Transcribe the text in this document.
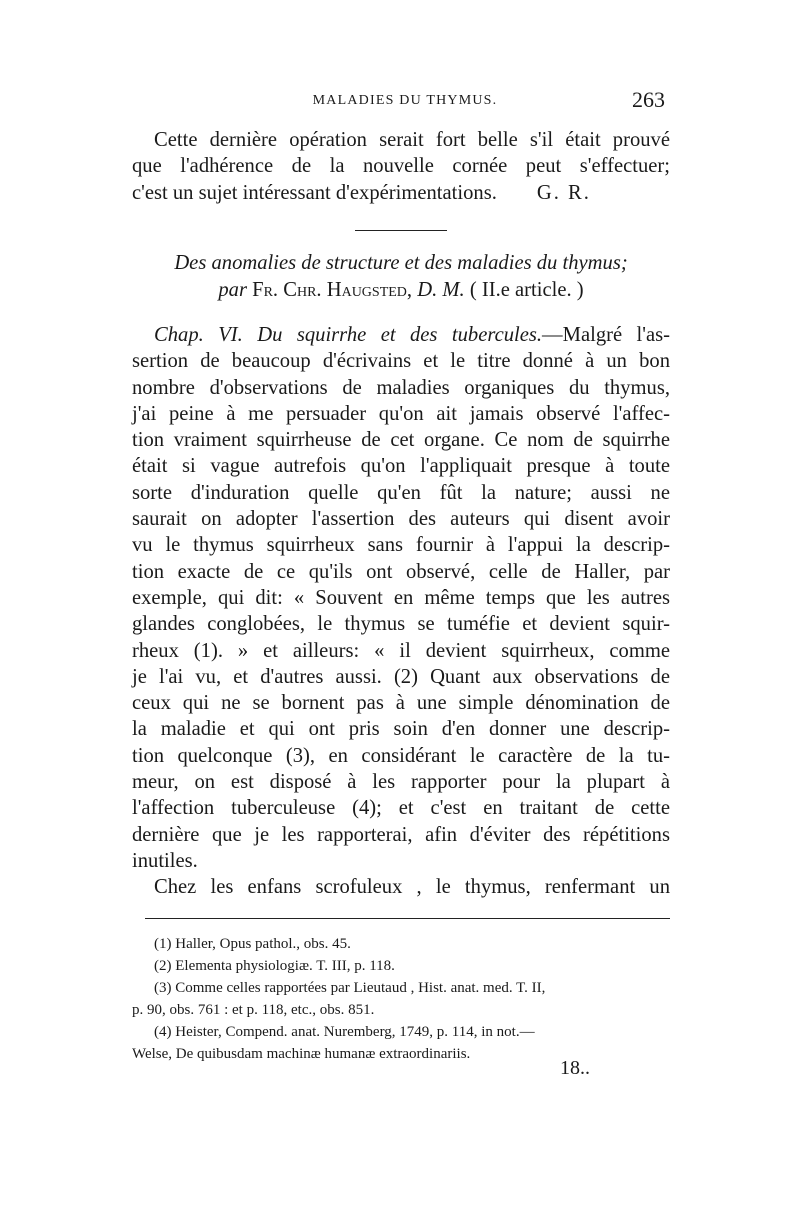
MALADIES DU THYMUS.	263
Cette dernière opération serait fort belle s'il était prouvé
que l'adhérence de la nouvelle cornée peut s'effectuer;
c'est un sujet intéressant d'expérimentations. G. R.
Des anomalies de structure et des maladies du thymus;
par Fr. Chr. Haugsted, D. M. ( II.e article. )
Chap. VI. Du squirrhe et des tubercules.—Malgré l'as-
sertion de beaucoup d'écrivains et le titre donné à un bon
nombre d'observations de maladies organiques du thymus,
j'ai peine à me persuader qu'on ait jamais observé l'affec-
tion vraiment squirrheuse de cet organe. Ce nom de squirrhe
était si vague autrefois qu'on l'appliquait presque à toute
sorte d'induration quelle qu'en fût la nature; aussi ne
saurait on adopter l'assertion des auteurs qui disent avoir
vu le thymus squirrheux sans fournir à l'appui la descrip-
tion exacte de ce qu'ils ont observé, celle de Haller, par
exemple, qui dit: « Souvent en même temps que les autres
glandes conglobées, le thymus se tuméfie et devient squir-
rheux (1). » et ailleurs: « il devient squirrheux, comme
je l'ai vu, et d'autres aussi. (2) Quant aux observations de
ceux qui ne se bornent pas à une simple dénomination de
la maladie et qui ont pris soin d'en donner une descrip-
tion quelconque (3), en considérant le caractère de la tu-
meur, on est disposé à les rapporter pour la plupart à
l'affection tuberculeuse (4); et c'est en traitant de cette
dernière que je les rapporterai, afin d'éviter des répétitions
inutiles.
Chez les enfans scrofuleux , le thymus, renfermant un
(1) Haller, Opus pathol., obs. 45.
(2) Elementa physiologiæ. T. III, p. 118.
(3) Comme celles rapportées par Lieutaud , Hist. anat. med. T. II,
p. 90, obs. 761 : et p. 118, etc., obs. 851.
(4) Heister, Compend. anat. Nuremberg, 1749, p. 114, in not.—
Welse, De quibusdam machinæ humanæ extraordinariis.
18..
